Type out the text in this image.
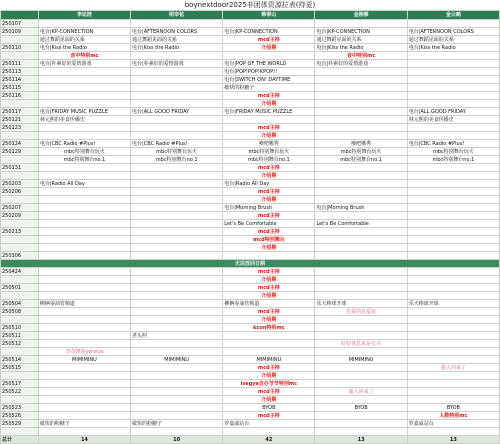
boynextdoor2025非团体资源拉表(持更)
	李运涟	明宰铉	韩泰山	金刚修	金云鹤
250107					
250109	电台|KP-CONNECTION	电台|AFTERNOON COLORS	电台|KP-CONNECTION	电台|KP-CONNECTION	电台|AFTERNOON COLORS
	通过舞蹈见面的关系	通过舞蹈见面的关系	mcd主持	通过舞蹈见面的关系	通过舞蹈见面的关系
250110	电台|Kiss the Radio	电台|Kiss the Radio	介绍期	电台|Kiss the Radio	电台|Kiss the Radio
	音中特别mc			音中特别mc	
250111	电台|朴素好的爱情游戏	电台|朴素好的爱情游戏	电台|POP OF THE WORLD	电台|朴素好的爱情游戏	
250113			电台|POP!POP!KPOP!!		
250114			电台|SWITCH ON! DAYTIME		
250115			敏快的粉糖子		
250116			mcd主持		
			介绍期		
250117	电台|FRIDAY MUSIC PUZZLE	电台|ALL GOOD FRIDAY	电台|FRIDAY MUSIC PUZZLE		电台|ALL GOOD FRIDAY
250121	林元熙的美食传播史				林元熙的美食传播史
250123			mcd主持		
			介绍期		
250124	电台|CBC Radio #Plus!	电台|CBC Radio #Plus!	噪吧哪秀	噪吧哪秀	电台|CBC Radio #Plus!
250129	mbc特别舞台玩火	mbc特别舞台玩火	mbc特别舞台玩火	mbc特别舞台玩火	mbc特别舞台玩火
	mbc特别舞台no.1	mbc特别舞台no.1	mbc特别舞台no.1	mbc特别舞台no.1	mbc特别舞台no.1
250131			mcd主持		
			介绍期		
250203	电台|Radio All Day		电台|Radio All Day		
250206			mcd主持		
			介绍期		
250207			电台|Morning Brush	电台|Morning Brush	
250209			mcd主持		
			Let's Be Comfortable	Let's Be Comfortable	
250213			mcd主持		
			mcd特别舞台		
			介绍期		
250306					
无法放回日期					
250424			mcd主持		
			介绍期		
250501			mcd主持		
			介绍期		
250504	柳俩零油管频道		柳俩零油管频道	乐天棒球开球	乐天棒球开球
250508			mcd主持	星爱的星爱星	
			介绍期		
250510			kcon特别mc		
250511		老头照			
250512				好好休息真是万幸	
	李茂修的service				
250514	MIMIMINU	MIMIMINU	MIMIMINU	MIMIMINU	
250515			mcd主持		超人回来了
			介绍期		
250517			isegye自办节节特别mc		
250522			mcd主持	超人回来了	
			介绍期		
250523			BYOB	BYOB	BYOB
250526			mcd主持		人数特别mc
250529	敏快的粉糖子	敏快的粉糖子	罗嘉戚站台		罗嘉戚站台

总计	14	10	42	13	13
